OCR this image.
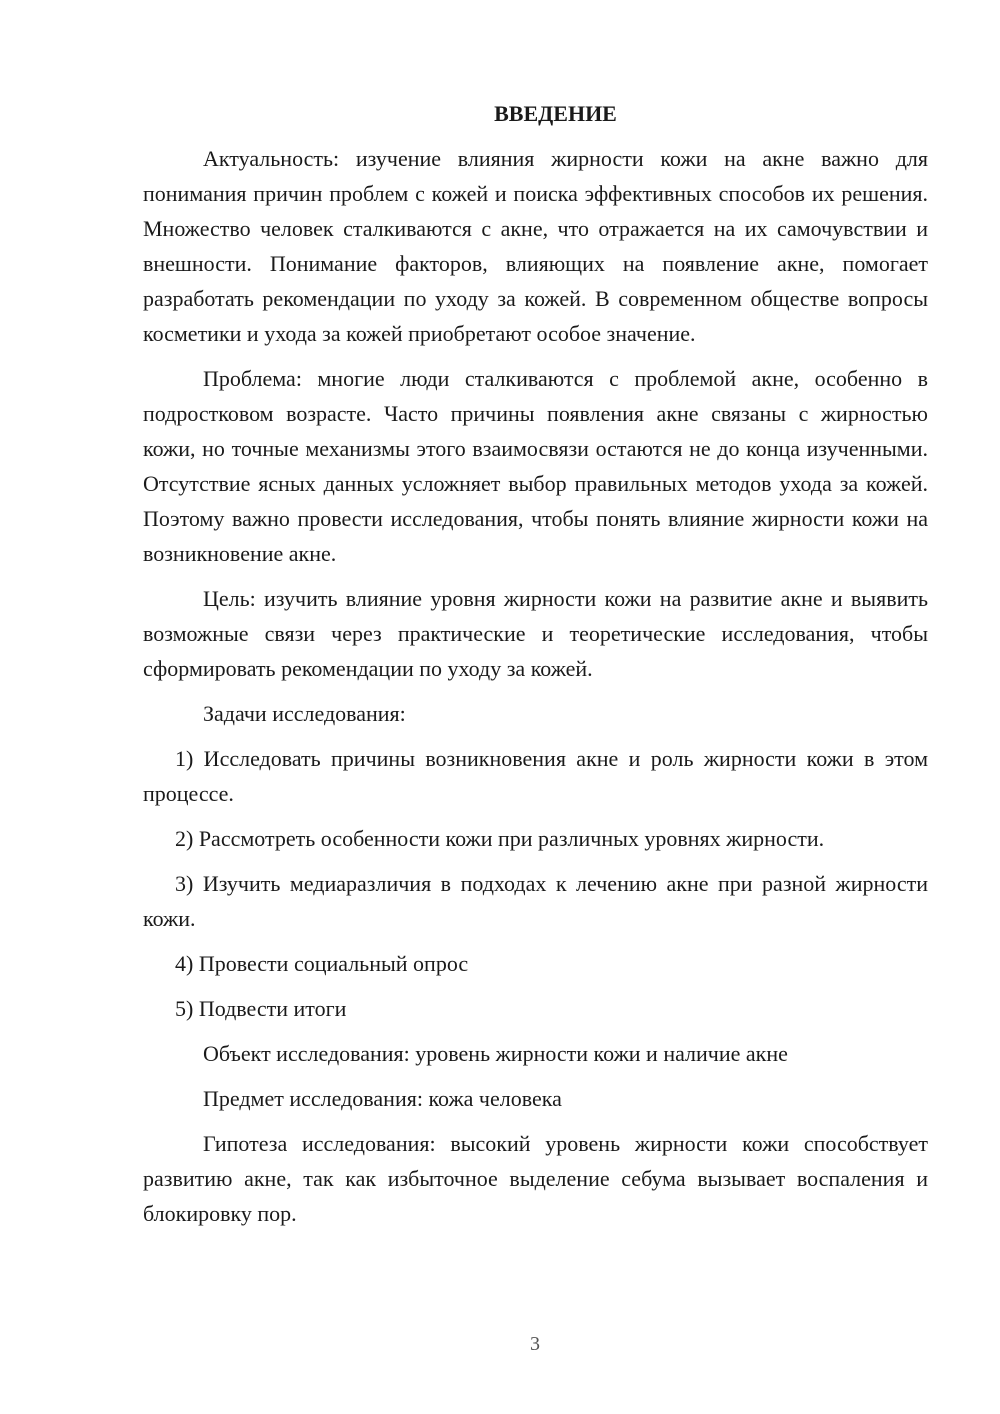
ВВЕДЕНИЕ

Актуальность: изучение влияния жирности кожи на акне важно для понимания причин проблем с кожей и поиска эффективных способов их решения. Множество человек сталкиваются с акне, что отражается на их самочувствии и внешности. Понимание факторов, влияющих на появление акне, помогает разработать рекомендации по уходу за кожей. В современном обществе вопросы косметики и ухода за кожей приобретают особое значение.

Проблема: многие люди сталкиваются с проблемой акне, особенно в подростковом возрасте. Часто причины появления акне связаны с жирностью кожи, но точные механизмы этого взаимосвязи остаются не до конца изученными. Отсутствие ясных данных усложняет выбор правильных методов ухода за кожей. Поэтому важно провести исследования, чтобы понять влияние жирности кожи на возникновение акне.

Цель: изучить влияние уровня жирности кожи на развитие акне и выявить возможные связи через практические и теоретические исследования, чтобы сформировать рекомендации по уходу за кожей.

Задачи исследования:

1) Исследовать причины возникновения акне и роль жирности кожи в этом процессе.

2) Рассмотреть особенности кожи при различных уровнях жирности.

3) Изучить медиаразличия в подходах к лечению акне при разной жирности кожи.

4) Провести социальный опрос

5) Подвести итоги

Объект исследования: уровень жирности кожи и наличие акне

Предмет исследования: кожа человека

Гипотеза исследования: высокий уровень жирности кожи способствует развитию акне, так как избыточное выделение себума вызывает воспаления и блокировку пор.

3
